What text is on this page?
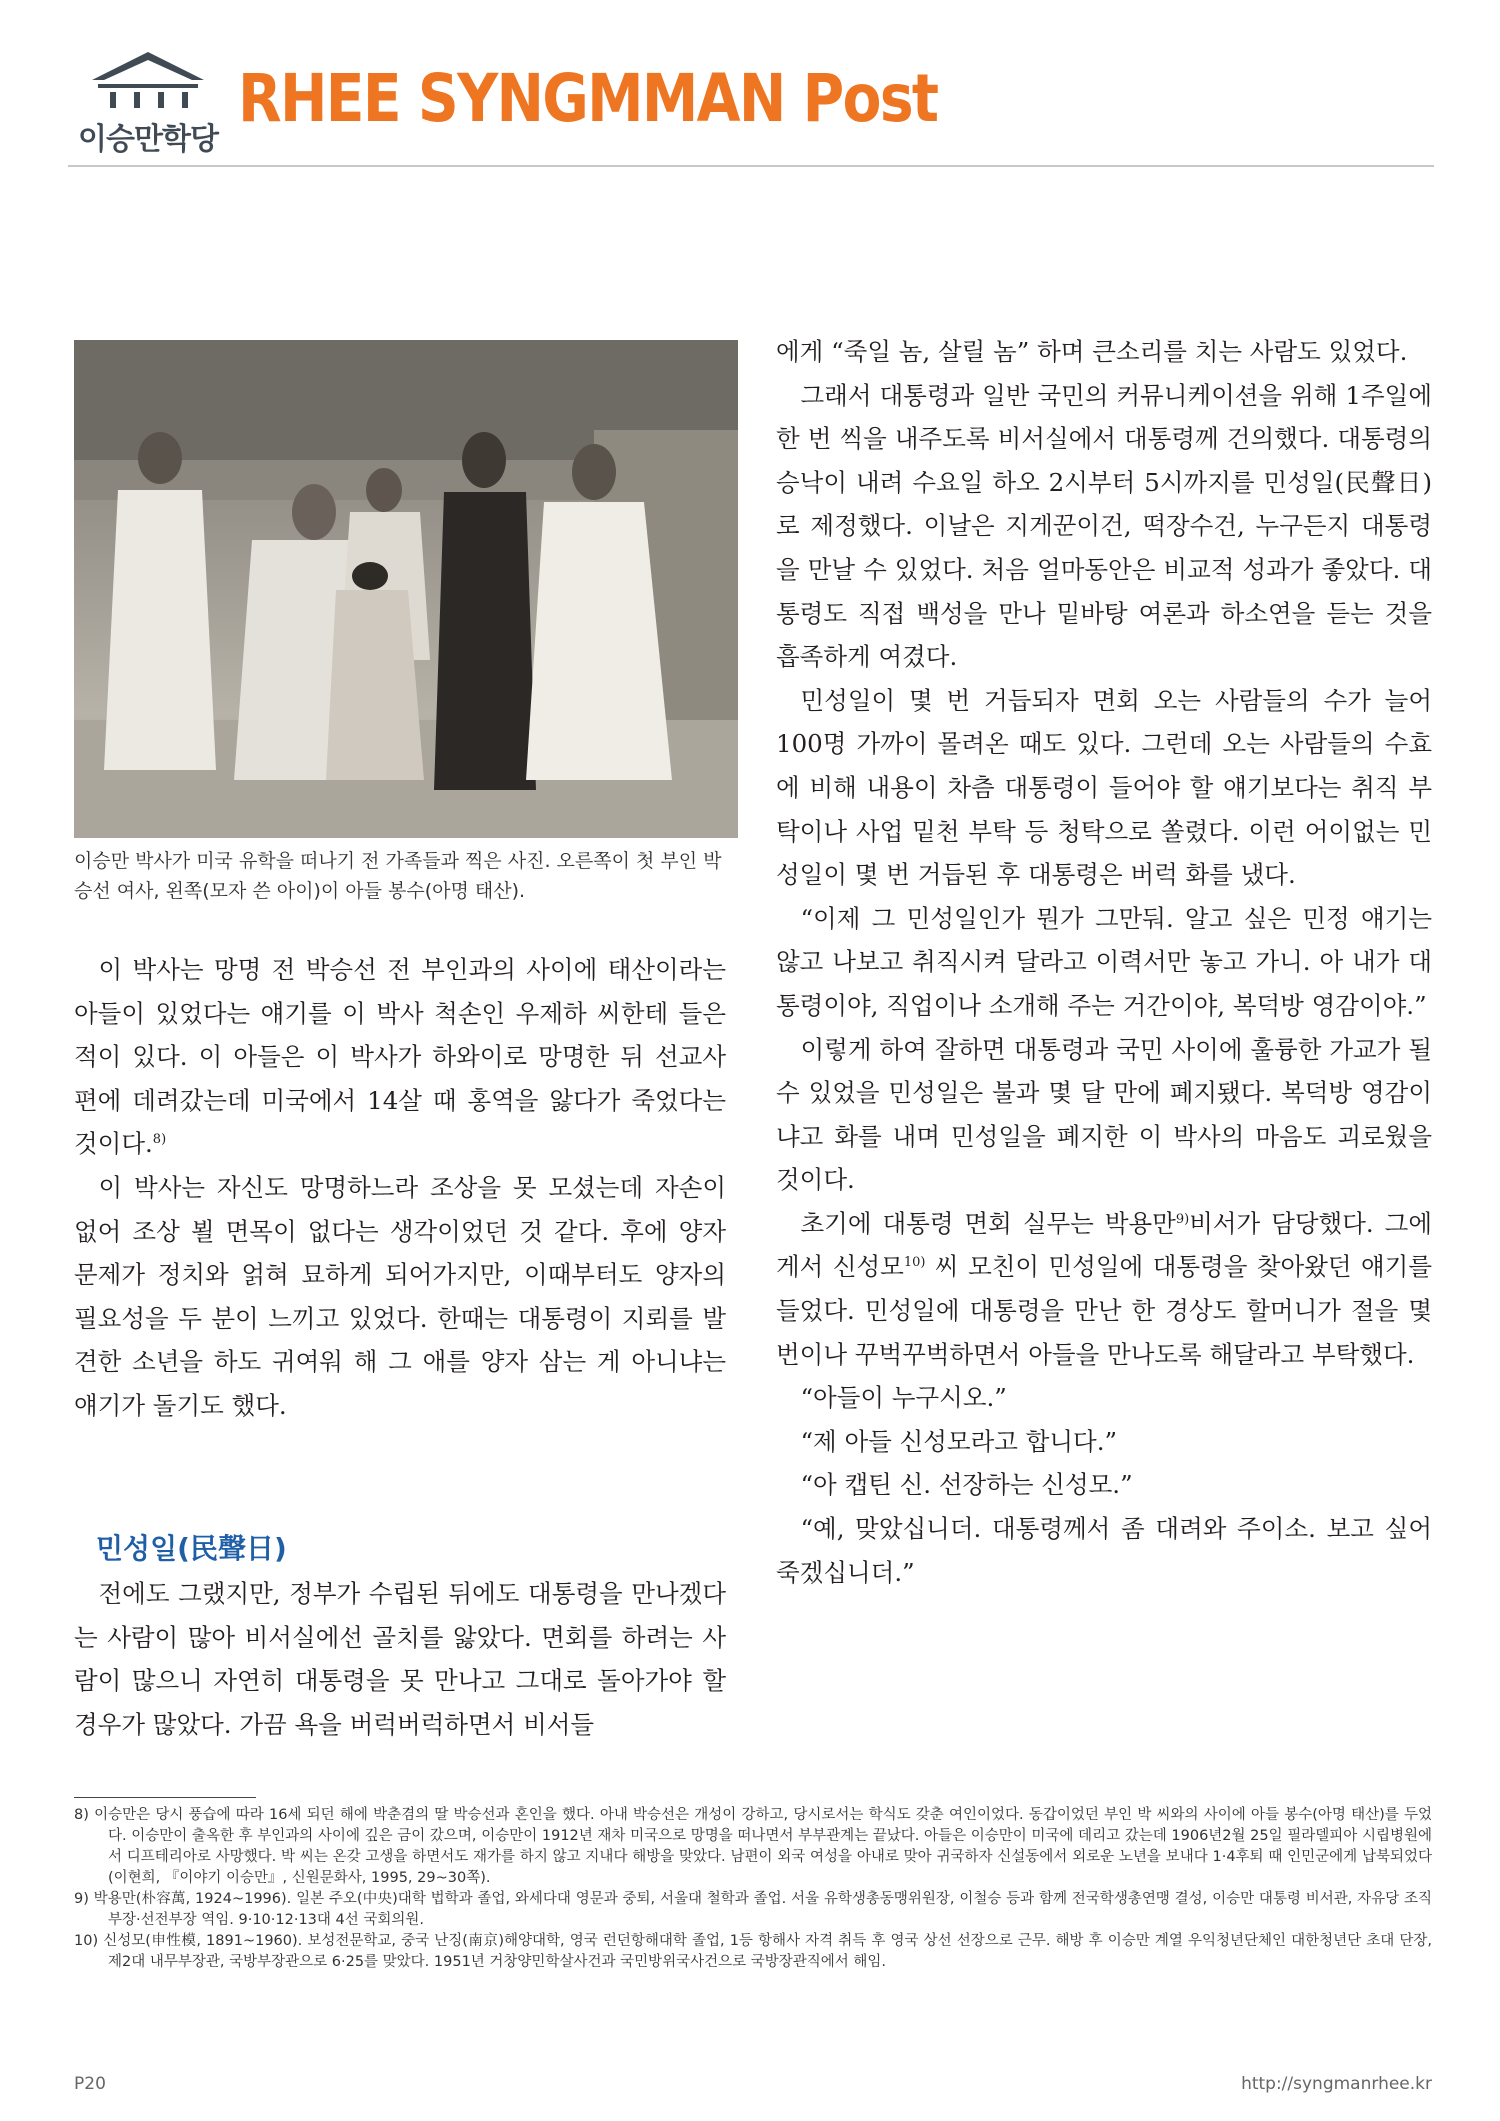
이승만학당
RHEE SYNGMMAN Post
이승만 박사가 미국 유학을 떠나기 전 가족들과 찍은 사진. 오른쪽이 첫 부인 박승선 여사, 왼쪽(모자 쓴 아이)이 아들 봉수(아명 태산).

이 박사는 망명 전 박승선 전 부인과의 사이에 태산이라는 아들이 있었다는 얘기를 이 박사 척손인 우제하 씨한테 들은 적이 있다. 이 아들은 이 박사가 하와이로 망명한 뒤 선교사 편에 데려갔는데 미국에서 14살 때 홍역을 앓다가 죽었다는 것이다.$^{8)}$

이 박사는 자신도 망명하느라 조상을 못 모셨는데 자손이 없어 조상 뵐 면목이 없다는 생각이었던 것 같다. 후에 양자 문제가 정치와 얽혀 묘하게 되어가지만, 이때부터도 양자의 필요성을 두 분이 느끼고 있었다. 한때는 대통령이 지뢰를 발견한 소년을 하도 귀여워 해 그 애를 양자 삼는 게 아니냐는 얘기가 돌기도 했다.

민성일(民聲日)

전에도 그랬지만, 정부가 수립된 뒤에도 대통령을 만나겠다는 사람이 많아 비서실에선 골치를 앓았다. 면회를 하려는 사람이 많으니 자연히 대통령을 못 만나고 그대로 돌아가야 할 경우가 많았다. 가끔 욕을 버럭버럭하면서 비서들

에게 “죽일 놈, 살릴 놈” 하며 큰소리를 치는 사람도 있었다.

그래서 대통령과 일반 국민의 커뮤니케이션을 위해 1주일에 한 번 씩을 내주도록 비서실에서 대통령께 건의했다. 대통령의 승낙이 내려 수요일 하오 2시부터 5시까지를 민성일(民聲日)로 제정했다. 이날은 지게꾼이건, 떡장수건, 누구든지 대통령을 만날 수 있었다. 처음 얼마동안은 비교적 성과가 좋았다. 대통령도 직접 백성을 만나 밑바탕 여론과 하소연을 듣는 것을 흡족하게 여겼다.

민성일이 몇 번 거듭되자 면회 오는 사람들의 수가 늘어 100명 가까이 몰려온 때도 있다. 그런데 오는 사람들의 수효에 비해 내용이 차츰 대통령이 들어야 할 얘기보다는 취직 부탁이나 사업 밑천 부탁 등 청탁으로 쏠렸다. 이런 어이없는 민성일이 몇 번 거듭된 후 대통령은 버럭 화를 냈다.

“이제 그 민성일인가 뭔가 그만둬. 알고 싶은 민정 얘기는 않고 나보고 취직시켜 달라고 이력서만 놓고 가니. 아 내가 대통령이야, 직업이나 소개해 주는 거간이야, 복덕방 영감이야.”

이렇게 하여 잘하면 대통령과 국민 사이에 훌륭한 가교가 될 수 있었을 민성일은 불과 몇 달 만에 폐지됐다. 복덕방 영감이냐고 화를 내며 민성일을 폐지한 이 박사의 마음도 괴로웠을 것이다.

초기에 대통령 면회 실무는 박용만$^{9)}$비서가 담당했다. 그에게서 신성모$^{10)}$ 씨 모친이 민성일에 대통령을 찾아왔던 얘기를 들었다. 민성일에 대통령을 만난 한 경상도 할머니가 절을 몇 번이나 꾸벅꾸벅하면서 아들을 만나도록 해달라고 부탁했다.

“아들이 누구시오.”

“제 아들 신성모라고 합니다.”

“아 캡틴 신. 선장하는 신성모.”

“예, 맞았십니더. 대통령께서 좀 대려와 주이소. 보고 싶어 죽겠십니더.”

8) 이승만은 당시 풍습에 따라 16세 되던 해에 박춘겸의 딸 박승선과 혼인을 했다. 아내 박승선은 개성이 강하고, 당시로서는 학식도 갖춘 여인이었다. 동갑이었던 부인 박 씨와의 사이에 아들 봉수(아명 태산)를 두었다. 이승만이 출옥한 후 부인과의 사이에 깊은 금이 갔으며, 이승만이 1912년 재차 미국으로 망명을 떠나면서 부부관계는 끝났다. 아들은 이승만이 미국에 데리고 갔는데 1906년2월 25일 필라델피아 시립병원에서 디프테리아로 사망했다. 박 씨는 온갖 고생을 하면서도 재가를 하지 않고 지내다 해방을 맞았다. 남편이 외국 여성을 아내로 맞아 귀국하자 신설동에서 외로운 노년을 보내다 1·4후퇴 때 인민군에게 납북되었다(이현희, 『이야기 이승만』, 신원문화사, 1995, 29~30쪽).

9) 박용만(朴容萬, 1924~1996). 일본 주오(中央)대학 법학과 졸업, 와세다대 영문과 중퇴, 서울대 철학과 졸업. 서울 유학생총동맹위원장, 이철승 등과 함께 전국학생총연맹 결성, 이승만 대통령 비서관, 자유당 조직부장·선전부장 역임. 9·10·12·13대 4선 국회의원.

10) 신성모(申性模, 1891~1960). 보성전문학교, 중국 난징(南京)해양대학, 영국 런던항해대학 졸업, 1등 항해사 자격 취득 후 영국 상선 선장으로 근무. 해방 후 이승만 계열 우익청년단체인 대한청년단 초대 단장, 제2대 내무부장관, 국방부장관으로 6·25를 맞았다. 1951년 거창양민학살사건과 국민방위국사건으로 국방장관직에서 해임.

P20	http://syngmanrhee.kr
